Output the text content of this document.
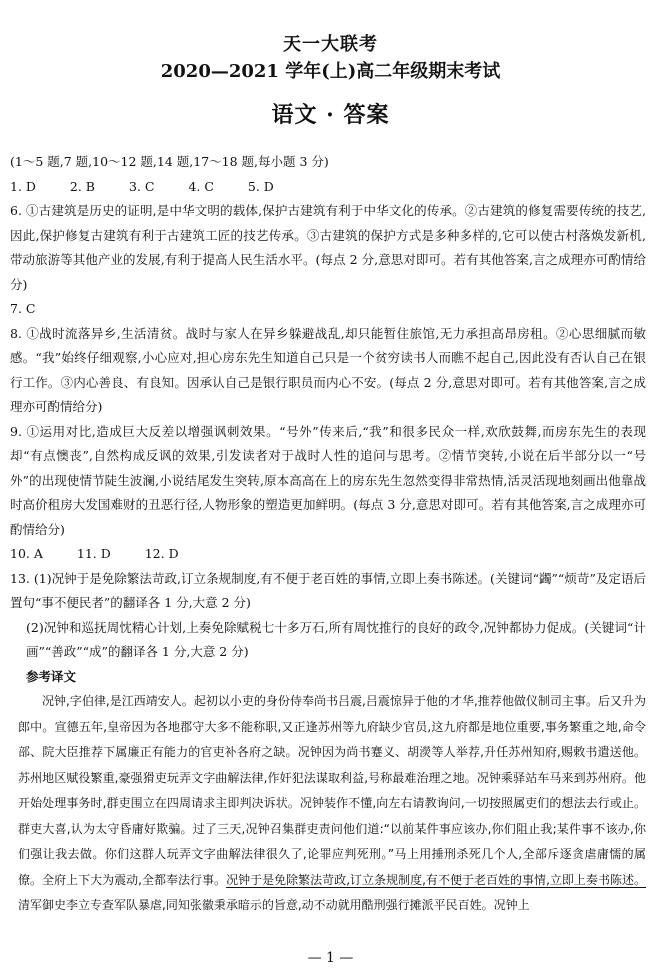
天一大联考
2020—2021 学年(上)高二年级期末考试
语文 · 答案
(1～5 题,7 题,10～12 题,14 题,17～18 题,每小题 3 分)
1. D	2. B	3. C	4. C	5. D
6. ①古建筑是历史的证明,是中华文明的载体,保护古建筑有利于中华文化的传承。②古建筑的修复需要传统的技艺,因此,保护修复古建筑有利于古建筑工匠的技艺传承。③古建筑的保护方式是多种多样的,它可以使古村落焕发新机,带动旅游等其他产业的发展,有利于提高人民生活水平。(每点 2 分,意思对即可。若有其他答案,言之成理亦可酌情给分)
7. C
8. ①战时流落异乡,生活清贫。战时与家人在异乡躲避战乱,却只能暂住旅馆,无力承担高昂房租。②心思细腻而敏感。“我”始终仔细观察,小心应对,担心房东先生知道自己只是一个贫穷读书人而瞧不起自己,因此没有否认自己在银行工作。③内心善良、有良知。因承认自己是银行职员而内心不安。(每点 2 分,意思对即可。若有其他答案,言之成理亦可酌情给分)
9. ①运用对比,造成巨大反差以增强讽刺效果。“号外”传来后,“我”和很多民众一样,欢欣鼓舞,而房东先生的表现却“有点懊丧”,自然构成反讽的效果,引发读者对于战时人性的追问与思考。②情节突转,小说在后半部分以一“号外”的出现使情节陡生波澜,小说结尾发生突转,原本高高在上的房东先生忽然变得非常热情,活灵活现地刻画出他靠战时高价租房大发国难财的丑恶行径,人物形象的塑造更加鲜明。(每点 3 分,意思对即可。若有其他答案,言之成理亦可酌情给分)
10. A	11. D	12. D
13. (1)况钟于是免除繁法苛政,订立条规制度,有不便于老百姓的事情,立即上奏书陈述。(关键词“蠲”“烦苛”及定语后置句“事不便民者”的翻译各 1 分,大意 2 分)
(2)况钟和巡抚周忱精心计划,上奏免除赋税七十多万石,所有周忱推行的良好的政令,况钟都协力促成。(关键词“计画”“善政”“成”的翻译各 1 分,大意 2 分)
参考译文
况钟,字伯律,是江西靖安人。起初以小吏的身份侍奉尚书吕震,吕震惊异于他的才华,推荐他做仪制司主事。后又升为郎中。宣德五年,皇帝因为各地郡守大多不能称职,又正逢苏州等九府缺少官员,这九府都是地位重要,事务繁重之地,命令部、院大臣推荐下属廉正有能力的官吏补各府之缺。况钟因为尚书蹇义、胡濙等人举荐,升任苏州知府,赐敕书遣送他。苏州地区赋役繁重,豪强猾吏玩弄文字曲解法律,作奸犯法谋取利益,号称最难治理之地。况钟乘驿站车马来到苏州府。他开始处理事务时,群吏围立在四周请求主即判决诉状。况钟装作不懂,向左右请教询问,一切按照属吏们的想法去行或止。群吏大喜,认为太守昏庸好欺骗。过了三天,况钟召集群吏责问他们道:“以前某件事应该办,你们阻止我;某件事不该办,你们强让我去做。你们这群人玩弄文字曲解法律很久了,论罪应判死刑。”马上用捶刑杀死几个人,全部斥逐贪虐庸懦的属僚。全府上下大为震动,全都奉法行事。况钟于是免除繁法苛政,订立条规制度,有不便于老百姓的事情,立即上奏书陈述。清军御史李立专查军队暴虐,同知张徽秉承暗示的旨意,动不动就用酷刑强行摊派平民百姓。况钟上
— 1 —
